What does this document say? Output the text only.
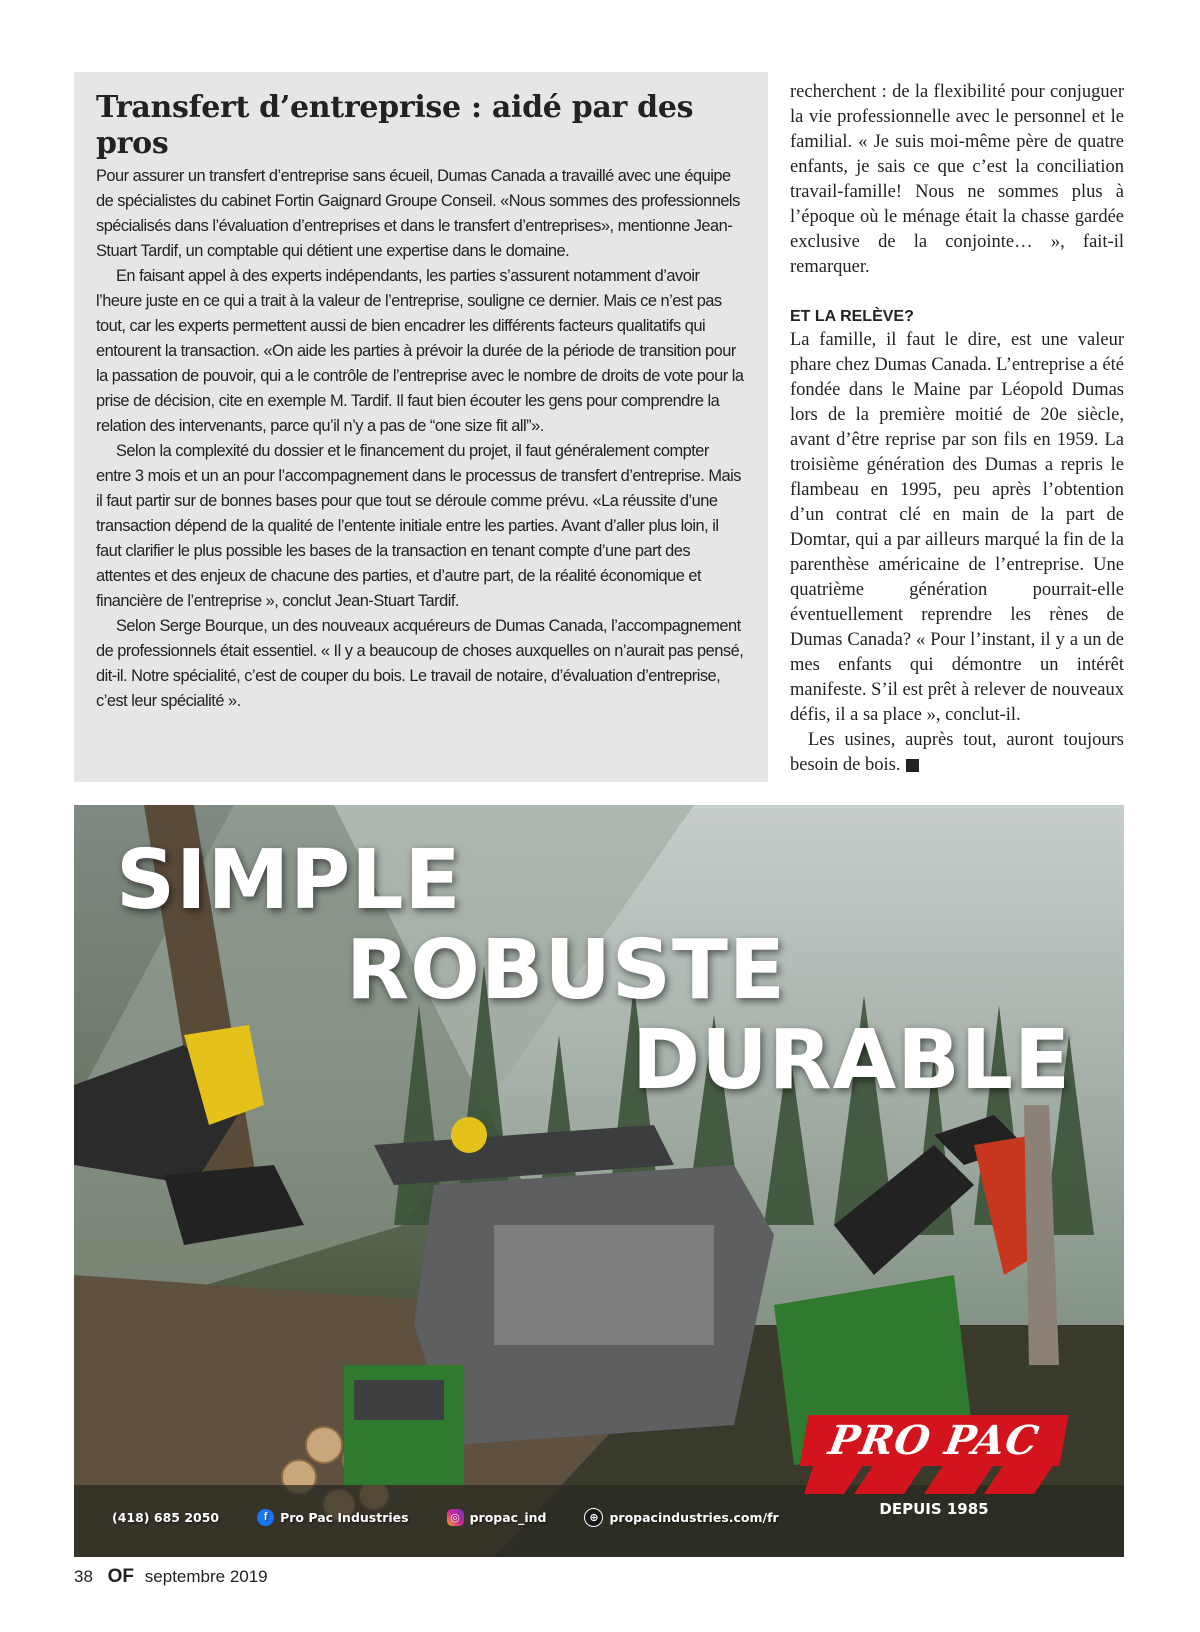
Transfert d’entreprise : aidé par des pros

Pour assurer un transfert d’entreprise sans écueil, Dumas Canada a travaillé avec une équipe de spécialistes du cabinet Fortin Gaignard Groupe Conseil. «Nous sommes des professionnels spécialisés dans l’évaluation d’entreprises et dans le transfert d’entreprises», mentionne Jean-Stuart Tardif, un comptable qui détient une expertise dans le domaine.

En faisant appel à des experts indépendants, les parties s’assurent notamment d’avoir l’heure juste en ce qui a trait à la valeur de l’entreprise, souligne ce dernier. Mais ce n’est pas tout, car les experts permettent aussi de bien encadrer les différents facteurs qualitatifs qui entourent la transaction. «On aide les parties à prévoir la durée de la période de transition pour la passation de pouvoir, qui a le contrôle de l’entreprise avec le nombre de droits de vote pour la prise de décision, cite en exemple M. Tardif. Il faut bien écouter les gens pour comprendre la relation des intervenants, parce qu’il n’y a pas de “one size fit all”».

Selon la complexité du dossier et le financement du projet, il faut généralement compter entre 3 mois et un an pour l’accompagnement dans le processus de transfert d’entreprise. Mais il faut partir sur de bonnes bases pour que tout se déroule comme prévu. «La réussite d’une transaction dépend de la qualité de l’entente initiale entre les parties. Avant d’aller plus loin, il faut clarifier le plus possible les bases de la transaction en tenant compte d’une part des attentes et des enjeux de chacune des parties, et d’autre part, de la réalité économique et financière de l’entreprise », conclut Jean-Stuart Tardif.

Selon Serge Bourque, un des nouveaux acquéreurs de Dumas Canada, l’accompagnement de professionnels était essentiel. « Il y a beaucoup de choses auxquelles on n’aurait pas pensé, dit-il. Notre spécialité, c’est de couper du bois. Le travail de notaire, d’évaluation d’entreprise, c’est leur spécialité ».

recherchent : de la flexibilité pour conjuguer la vie professionnelle avec le personnel et le familial. « Je suis moi-même père de quatre enfants, je sais ce que c’est la conciliation travail-famille! Nous ne sommes plus à l’époque où le ménage était la chasse gardée exclusive de la conjointe… », fait-il remarquer.

ET LA RELÈVE?

La famille, il faut le dire, est une valeur phare chez Dumas Canada. L’entreprise a été fondée dans le Maine par Léopold Dumas lors de la première moitié de 20e siècle, avant d’être reprise par son fils en 1959. La troisième génération des Dumas a repris le flambeau en 1995, peu après l’obtention d’un contrat clé en main de la part de Domtar, qui a par ailleurs marqué la fin de la parenthèse américaine de l’entreprise. Une quatrième génération pourrait-elle éventuellement reprendre les rènes de Dumas Canada? « Pour l’instant, il y a un de mes enfants qui démontre un intérêt manifeste. S’il est prêt à relever de nouveaux défis, il a sa place », conclut-il.

Les usines, auprès tout, auront toujours besoin de bois.	OF

SIMPLE
ROBUSTE
DURABLE
(418) 685 2050	f	Pro Pac Industries	◎ propac_ind	⊕ propacindustries.com/fr
PRO PAC
DEPUIS 1985
38 OF septembre 2019
